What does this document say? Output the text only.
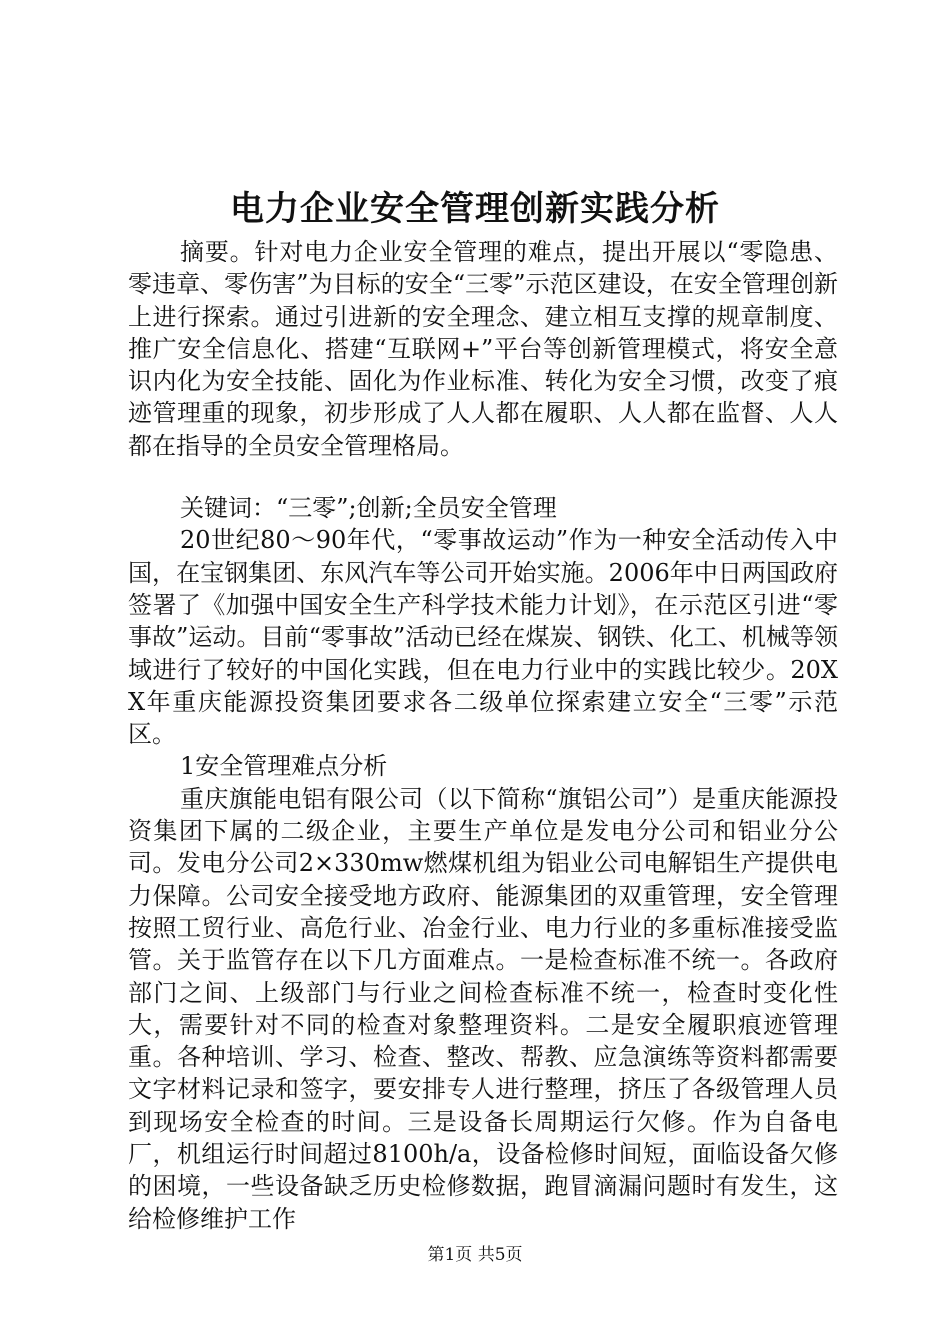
电力企业安全管理创新实践分析

摘要。针对电力企业安全管理的难点，提出开展以“零隐患、零违章、零伤害”为目标的安全“三零”示范区建设，在安全管理创新上进行探索。通过引进新的安全理念、建立相互支撑的规章制度、推广安全信息化、搭建“互联网+”平台等创新管理模式，将安全意识内化为安全技能、固化为作业标准、转化为安全习惯，改变了痕迹管理重的现象，初步形成了人人都在履职、人人都在监督、人人都在指导的全员安全管理格局。

关键词：“三零”;创新;全员安全管理

20世纪80～90年代，“零事故运动”作为一种安全活动传入中国，在宝钢集团、东风汽车等公司开始实施。2006年中日两国政府签署了《加强中国安全生产科学技术能力计划》，在示范区引进“零事故”运动。目前“零事故”活动已经在煤炭、钢铁、化工、机械等领域进行了较好的中国化实践，但在电力行业中的实践比较少。20XX年重庆能源投资集团要求各二级单位探索建立安全“三零”示范区。

1安全管理难点分析

重庆旗能电铝有限公司（以下简称“旗铝公司”）是重庆能源投资集团下属的二级企业，主要生产单位是发电分公司和铝业分公司。发电分公司2×330mw燃煤机组为铝业公司电解铝生产提供电力保障。公司安全接受地方政府、能源集团的双重管理，安全管理按照工贸行业、高危行业、冶金行业、电力行业的多重标准接受监管。关于监管存在以下几方面难点。一是检查标准不统一。各政府部门之间、上级部门与行业之间检查标准不统一，检查时变化性大，需要针对不同的检查对象整理资料。二是安全履职痕迹管理重。各种培训、学习、检查、整改、帮教、应急演练等资料都需要文字材料记录和签字，要安排专人进行整理，挤压了各级管理人员到现场安全检查的时间。三是设备长周期运行欠修。作为自备电厂，机组运行时间超过8100h/a，设备检修时间短，面临设备欠修的困境，一些设备缺乏历史检修数据，跑冒滴漏问题时有发生，这给检修维护工作

第1页 共5页
